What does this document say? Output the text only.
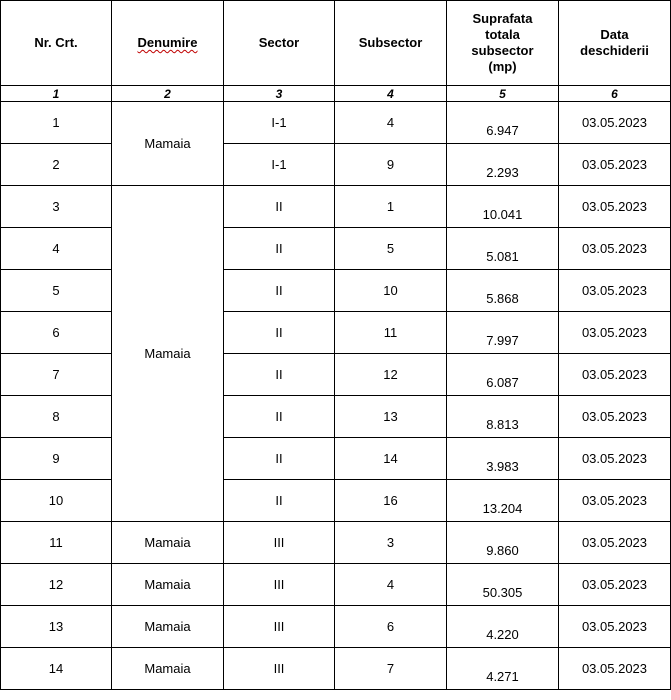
Nr. Crt.	Denumire	Sector	Subsector	Suprafata totala subsector (mp)	Data deschiderii
1	2	3	4	5	6
1	Mamaia	I-1	4	6.947	03.05.2023
2		I-1	9	2.293	03.05.2023
3	Mamaia	II	1	10.041	03.05.2023
4		II	5	5.081	03.05.2023
5		II	10	5.868	03.05.2023
6		II	11	7.997	03.05.2023
7		II	12	6.087	03.05.2023
8		II	13	8.813	03.05.2023
9		II	14	3.983	03.05.2023
10		II	16	13.204	03.05.2023
11	Mamaia	III	3	9.860	03.05.2023
12	Mamaia	III	4	50.305	03.05.2023
13	Mamaia	III	6	4.220	03.05.2023
14	Mamaia	III	7	4.271	03.05.2023
